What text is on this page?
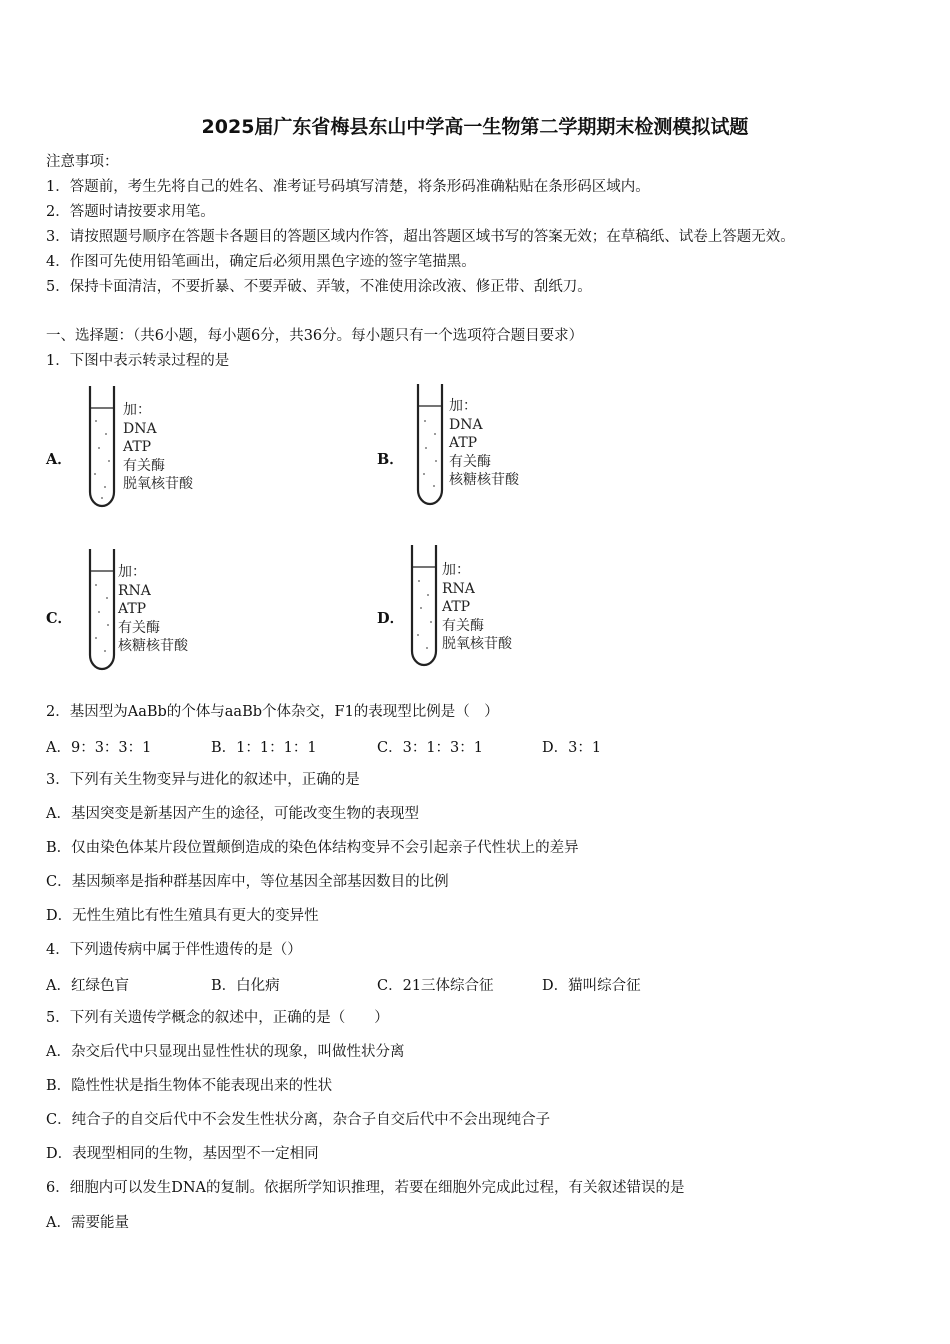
2025届广东省梅县东山中学高一生物第二学期期末检测模拟试题
注意事项：
1．答题前，考生先将自己的姓名、准考证号码填写清楚，将条形码准确粘贴在条形码区域内。
2．答题时请按要求用笔。
3．请按照题号顺序在答题卡各题目的答题区域内作答，超出答题区域书写的答案无效；在草稿纸、试卷上答题无效。
4．作图可先使用铅笔画出，确定后必须用黑色字迹的签字笔描黑。
5．保持卡面清洁，不要折暴、不要弄破、弄皱，不准使用涂改液、修正带、刮纸刀。
一、选择题：（共6小题，每小题6分，共36分。每小题只有一个选项符合题目要求）
1．下图中表示转录过程的是
A．
加：
DNA
ATP
有关酶
脱氧核苷酸
B．
加：
DNA
ATP
有关酶
核糖核苷酸
C．
加：
RNA
ATP
有关酶
核糖核苷酸
D．
加：
RNA
ATP
有关酶
脱氧核苷酸
2．基因型为AaBb的个体与aaBb个体杂交，F1的表现型比例是（　）
A．9：3：3：1	B．1：1：1：1	C．3：1：3：1	D．3：1
3．下列有关生物变异与进化的叙述中，正确的是
A．基因突变是新基因产生的途径，可能改变生物的表现型
B．仅由染色体某片段位置颠倒造成的染色体结构变异不会引起亲子代性状上的差异
C．基因频率是指种群基因库中，等位基因全部基因数目的比例
D．无性生殖比有性生殖具有更大的变异性
4．下列遗传病中属于伴性遗传的是（）
A．红绿色盲	B．白化病	C．21三体综合征	D．猫叫综合征
5．下列有关遗传学概念的叙述中，正确的是（　　）
A．杂交后代中只显现出显性性状的现象，叫做性状分离
B．隐性性状是指生物体不能表现出来的性状
C．纯合子的自交后代中不会发生性状分离，杂合子自交后代中不会出现纯合子
D．表现型相同的生物，基因型不一定相同
6．细胞内可以发生DNA的复制。依据所学知识推理，若要在细胞外完成此过程，有关叙述错误的是
A．需要能量
